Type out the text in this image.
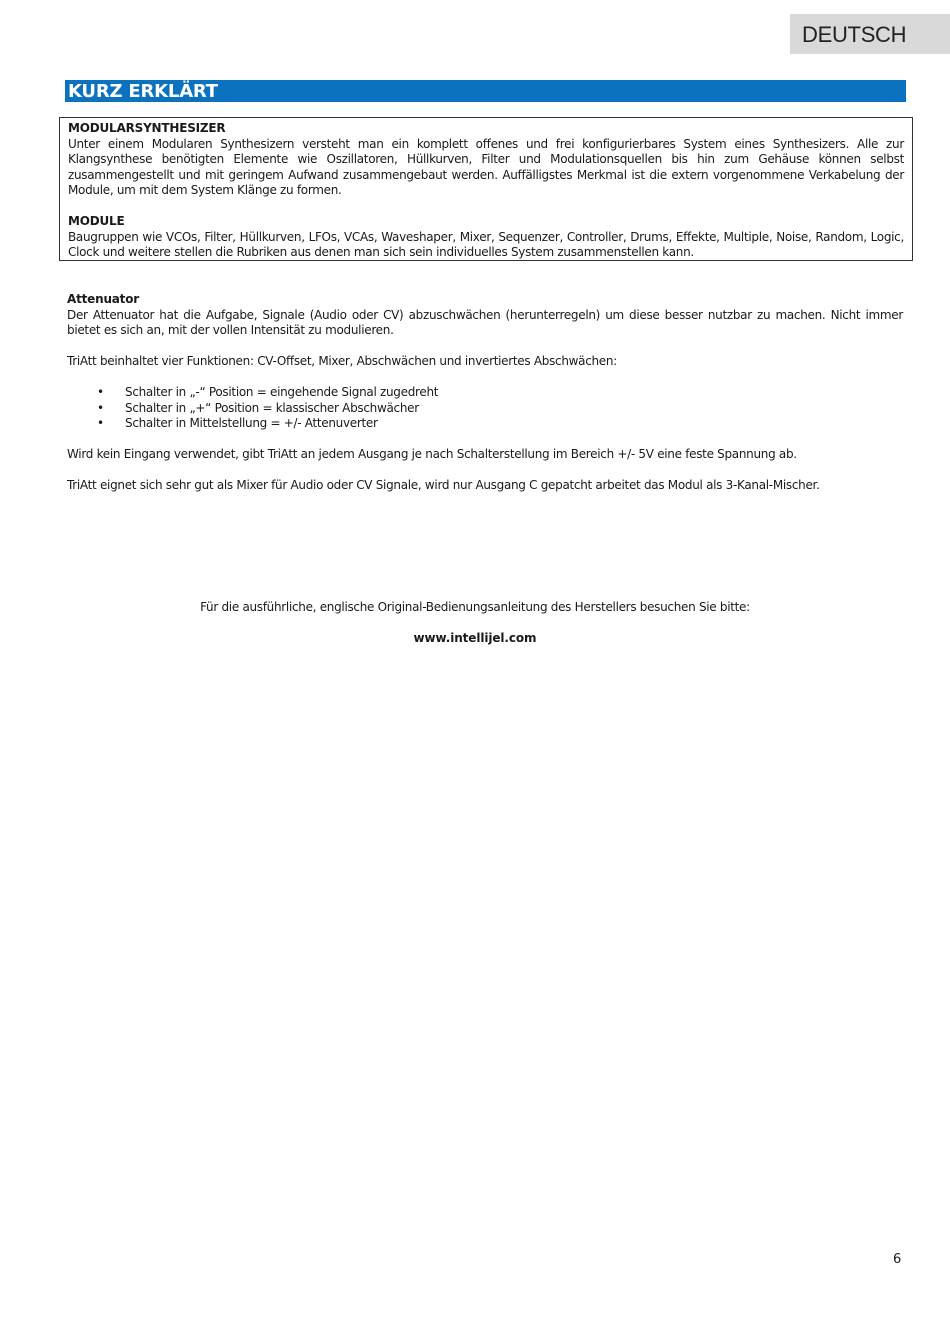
DEUTSCH
KURZ ERKLÄRT

MODULARSYNTHESIZER

Unter einem Modularen Synthesizern versteht man ein komplett offenes und frei konfigurierbares System eines Synthesizers. Alle zur Klangsynthese benötigten Elemente wie Oszillatoren, Hüllkurven, Filter und Modulationsquellen bis hin zum Gehäuse können selbst zusammengestellt und mit geringem Aufwand zusammengebaut werden. Auffälligstes Merkmal ist die extern vorgenommene Verkabelung der Module, um mit dem System Klänge zu formen.

MODULE

Baugruppen wie VCOs, Filter, Hüllkurven, LFOs, VCAs, Waveshaper, Mixer, Sequenzer, Controller, Drums, Effekte, Multiple, Noise, Random, Logic, Clock und weitere stellen die Rubriken aus denen man sich sein individuelles System zusammenstellen kann.

Attenuator

Der Attenuator hat die Aufgabe, Signale (Audio oder CV) abzuschwächen (herunterregeln) um diese besser nutzbar zu machen. Nicht immer bietet es sich an, mit der vollen Intensität zu modulieren.

TriAtt beinhaltet vier Funktionen: CV-Offset, Mixer, Abschwächen und invertiertes Abschwächen:

• Schalter in „-“ Position = eingehende Signal zugedreht
• Schalter in „+“ Position = klassischer Abschwächer
• Schalter in Mittelstellung = +/- Attenuverter

Wird kein Eingang verwendet, gibt TriAtt an jedem Ausgang je nach Schalterstellung im Bereich +/- 5V eine feste Spannung ab.

TriAtt eignet sich sehr gut als Mixer für Audio oder CV Signale, wird nur Ausgang C gepatcht arbeitet das Modul als 3-Kanal-Mischer.

Für die ausführliche, englische Original-Bedienungsanleitung des Herstellers besuchen Sie bitte:
www.intellijel.com
6
